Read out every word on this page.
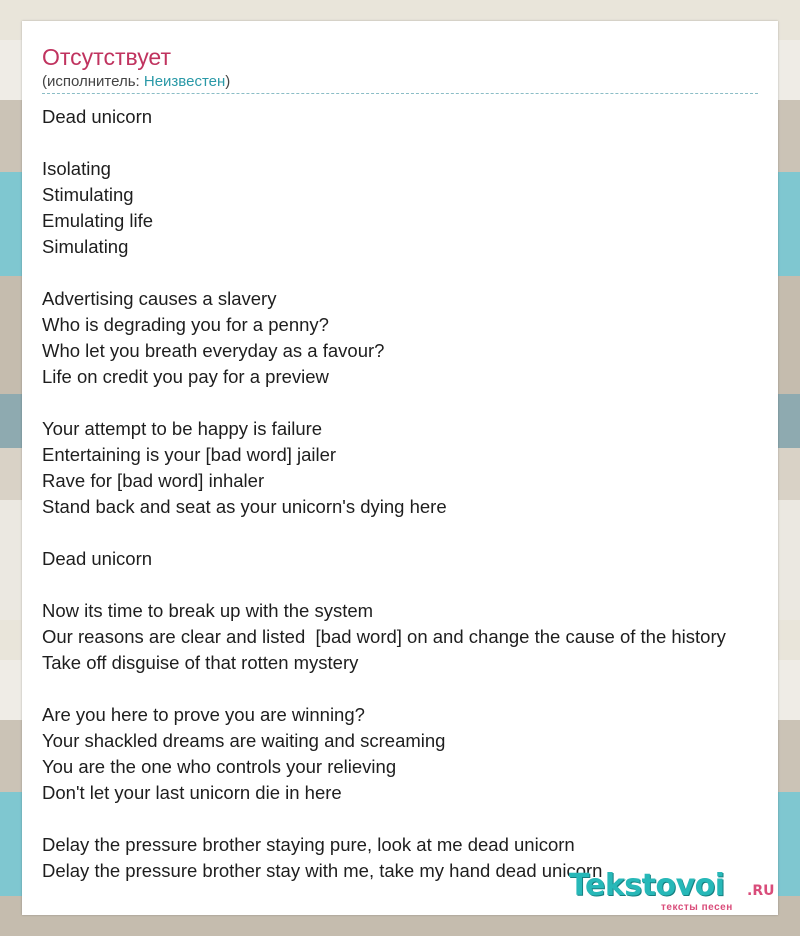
Отсутствует
(исполнитель: Неизвестен)
Dead unicorn

Isolating
Stimulating
Emulating life
Simulating

Advertising causes a slavery
Who is degrading you for a penny?
Who let you breath everyday as a favour?
Life on credit you pay for a preview

Your attempt to be happy is failure
Entertaining is your [bad word] jailer
Rave for [bad word] inhaler
Stand back and seat as your unicorn's dying here

Dead unicorn

Now its time to break up with the system
Our reasons are clear and listed  [bad word] on and change the cause of the history
Take off disguise of that rotten mystery

Are you here to prove you are winning?
Your shackled dreams are waiting and screaming
You are the one who controls your relieving
Don't let your last unicorn die in here

Delay the pressure brother staying pure, look at me dead unicorn
Delay the pressure brother stay with me, take my hand dead unicorn
Tekstovoi .RU
тексты песен
